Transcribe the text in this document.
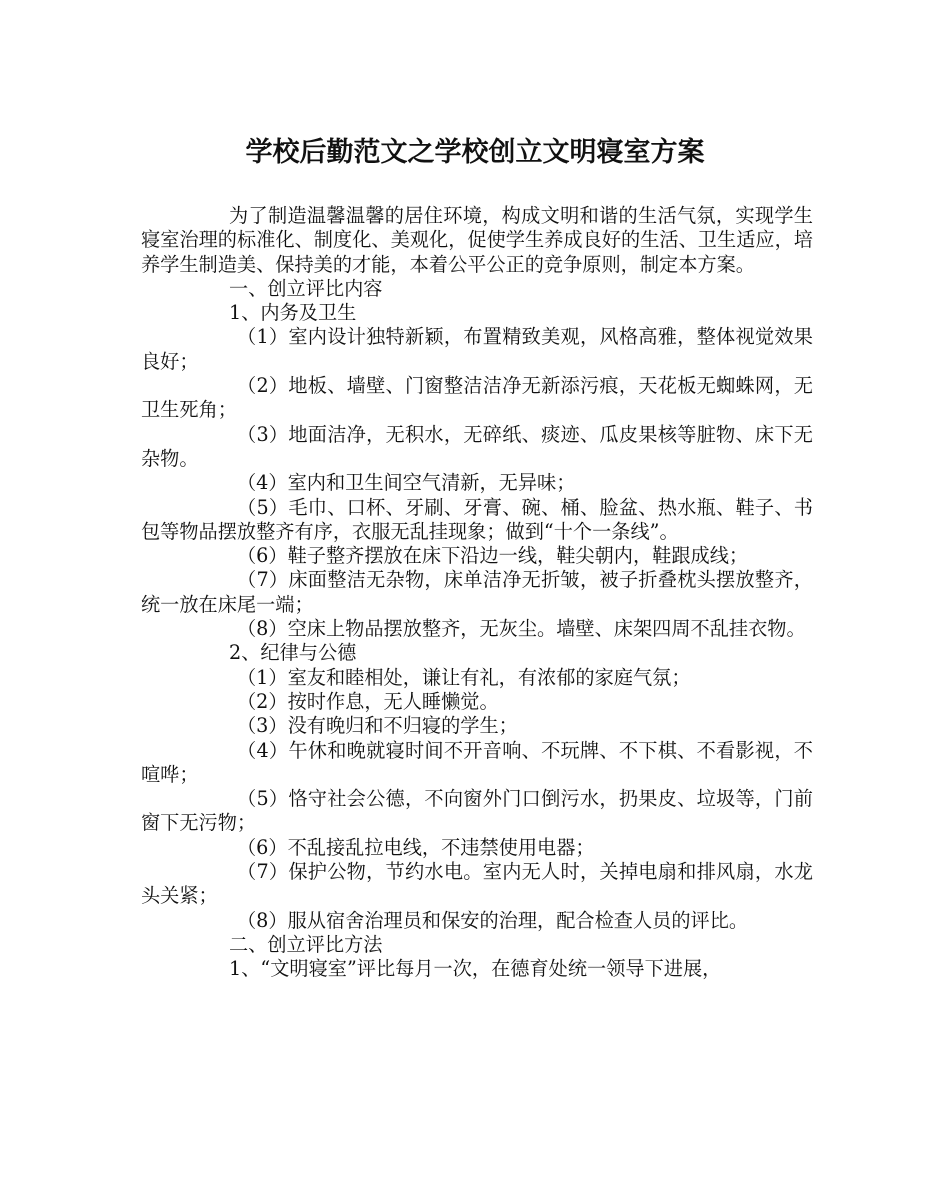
学校后勤范文之学校创立文明寝室方案

为了制造温馨温馨的居住环境，构成文明和谐的生活气氛，实现学生寝室治理的标准化、制度化、美观化，促使学生养成良好的生活、卫生适应，培养学生制造美、保持美的才能，本着公平公正的竞争原则，制定本方案。

一、创立评比内容

1、内务及卫生

（1）室内设计独特新颖，布置精致美观，风格高雅，整体视觉效果良好；

（2）地板、墙壁、门窗整洁洁净无新添污痕，天花板无蜘蛛网，无卫生死角；

（3）地面洁净，无积水，无碎纸、痰迹、瓜皮果核等脏物、床下无杂物。

（4）室内和卫生间空气清新，无异味；

（5）毛巾、口杯、牙刷、牙膏、碗、桶、脸盆、热水瓶、鞋子、书包等物品摆放整齐有序，衣服无乱挂现象；做到“十个一条线”。

（6）鞋子整齐摆放在床下沿边一线，鞋尖朝内，鞋跟成线；

（7）床面整洁无杂物，床单洁净无折皱，被子折叠枕头摆放整齐，统一放在床尾一端；

（8）空床上物品摆放整齐，无灰尘。墙壁、床架四周不乱挂衣物。

2、纪律与公德

（1）室友和睦相处，谦让有礼，有浓郁的家庭气氛；

（2）按时作息，无人睡懒觉。

（3）没有晚归和不归寝的学生；

（4）午休和晚就寝时间不开音响、不玩牌、不下棋、不看影视，不喧哗；

（5）恪守社会公德，不向窗外门口倒污水，扔果皮、垃圾等，门前窗下无污物；

（6）不乱接乱拉电线，不违禁使用电器；

（7）保护公物，节约水电。室内无人时，关掉电扇和排风扇，水龙头关紧；

（8）服从宿舍治理员和保安的治理，配合检查人员的评比。

二、创立评比方法

1、“文明寝室”评比每月一次，在德育处统一领导下进展，
